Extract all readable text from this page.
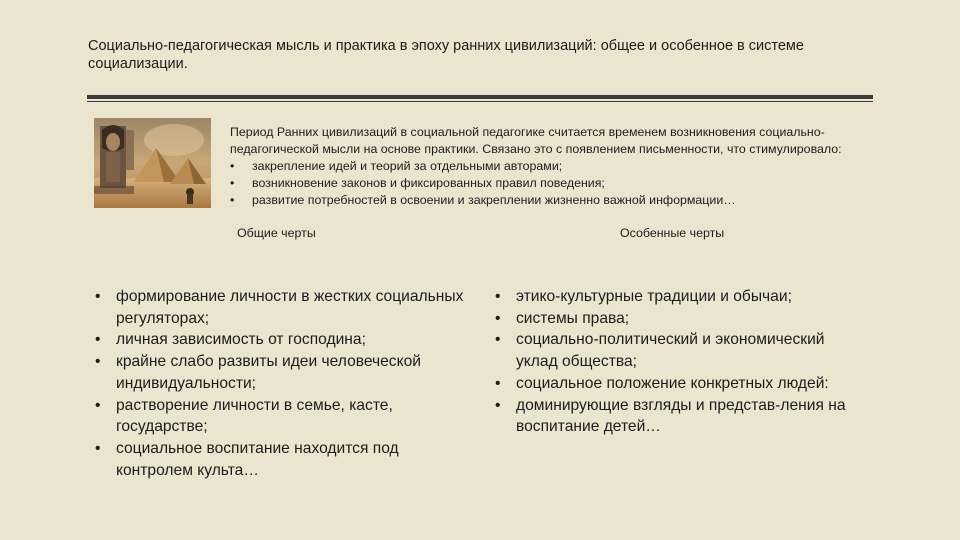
Социально-педагогическая мысль и практика в эпоху ранних цивилизаций: общее и особенное в системе социализации.

Период Ранних цивилизаций в социальной педагогике считается временем возникновения социально-педагогической мысли на основе практики. Связано это с появлением письменности, что стимулировало:

• закрепление идей и теорий за отдельными авторами;
• возникновение законов и фиксированных правил поведения;
• развитие потребностей в освоении и закреплении жизненно важной информации…
Общие черты	Особенные черты
• формирование личности в жестких социальных регуляторах;
• личная зависимость от господина;
• крайне слабо развиты идеи человеческой индивидуальности;
• растворение личности в семье, касте, государстве;
• социальное воспитание находится под контролем культа…
• этико-культурные традиции и обычаи;
• системы права;
• социально-политический и экономический уклад общества;
• социальное положение конкретных людей:
• доминирующие взгляды и представ-ления на воспитание детей…
